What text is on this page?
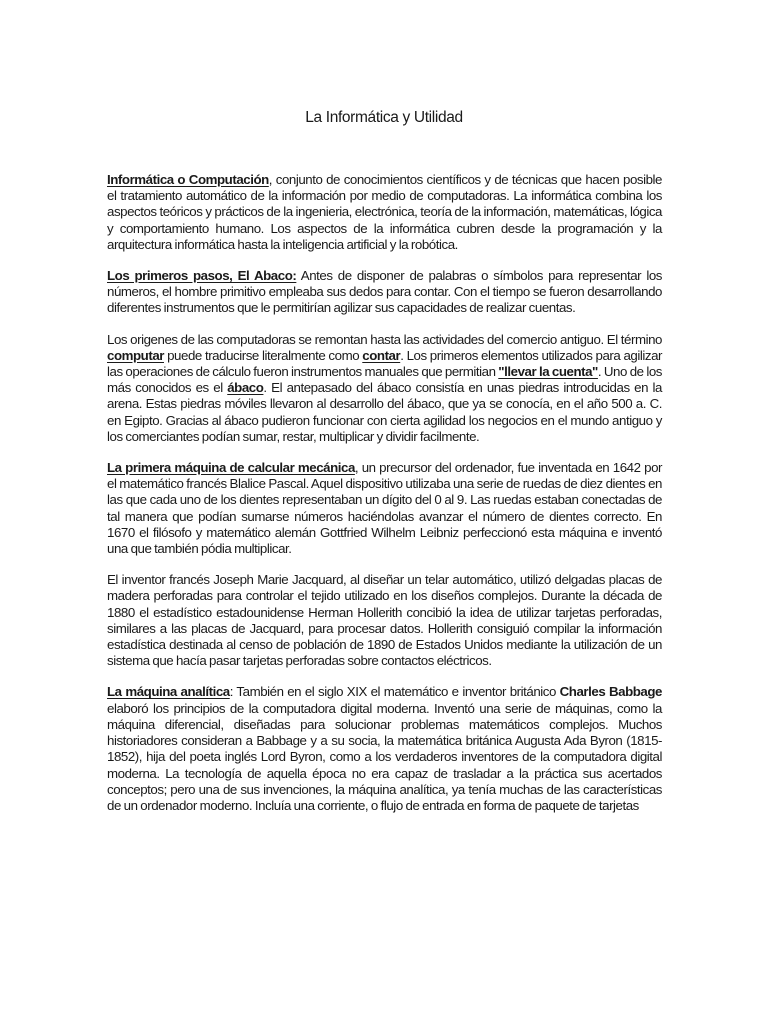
La Informática y Utilidad

Informática o Computación, conjunto de conocimientos científicos y de técnicas que hacen posible el tratamiento automático de la información por medio de computadoras. La informática combina los aspectos teóricos y prácticos de la ingenieria, electrónica, teoría de la información, matemáticas, lógica y comportamiento humano. Los aspectos de la informática cubren desde la programación y la arquitectura informática hasta la inteligencia artificial y la robótica.

Los primeros pasos, El Abaco: Antes de disponer de palabras o símbolos para representar los números, el hombre primitivo empleaba sus dedos para contar. Con el tiempo se fueron desarrollando diferentes instrumentos que le permitirían agilizar sus capacidades de realizar cuentas.

Los origenes de las computadoras se remontan hasta las actividades del comercio antiguo. El término computar puede traducirse literalmente como contar. Los primeros elementos utilizados para agilizar las operaciones de cálculo fueron instrumentos manuales que permitian "llevar la cuenta". Uno de los más conocidos es el ábaco. El antepasado del ábaco consistía en unas piedras introducidas en la arena. Estas piedras móviles llevaron al desarrollo del ábaco, que ya se conocía, en el año 500 a. C. en Egipto. Gracias al ábaco pudieron funcionar con cierta agilidad los negocios en el mundo antiguo y los comerciantes podían sumar, restar, multiplicar y dividir facilmente.

La primera máquina de calcular mecánica, un precursor del ordenador, fue inventada en 1642 por el matemático francés Blalice Pascal. Aquel dispositivo utilizaba una serie de ruedas de diez dientes en las que cada uno de los dientes representaban un dígito del 0 al 9. Las ruedas estaban conectadas de tal manera que podían sumarse números haciéndolas avanzar el número de dientes correcto. En 1670 el filósofo y matemático alemán Gottfried Wilhelm Leibniz perfeccionó esta máquina e inventó una que también pódia multiplicar.

El inventor francés Joseph Marie Jacquard, al diseñar un telar automático, utilizó delgadas placas de madera perforadas para controlar el tejido utilizado en los diseños complejos. Durante la década de 1880 el estadístico estadounidense Herman Hollerith concibió la idea de utilizar tarjetas perforadas, similares a las placas de Jacquard, para procesar datos. Hollerith consiguió compilar la información estadística destinada al censo de población de 1890 de Estados Unidos mediante la utilización de un sistema que hacía pasar tarjetas perforadas sobre contactos eléctricos.

La máquina analítica: También en el siglo XIX el matemático e inventor británico Charles Babbage elaboró los principios de la computadora digital moderna. Inventó una serie de máquinas, como la máquina diferencial, diseñadas para solucionar problemas matemáticos complejos. Muchos historiadores consideran a Babbage y a su socia, la matemática británica Augusta Ada Byron (1815-1852), hija del poeta inglés Lord Byron, como a los verdaderos inventores de la computadora digital moderna. La tecnología de aquella época no era capaz de trasladar a la práctica sus acertados conceptos; pero una de sus invenciones, la máquina analítica, ya tenía muchas de las características de un ordenador moderno. Incluía una corriente, o flujo de entrada en forma de paquete de tarjetas
